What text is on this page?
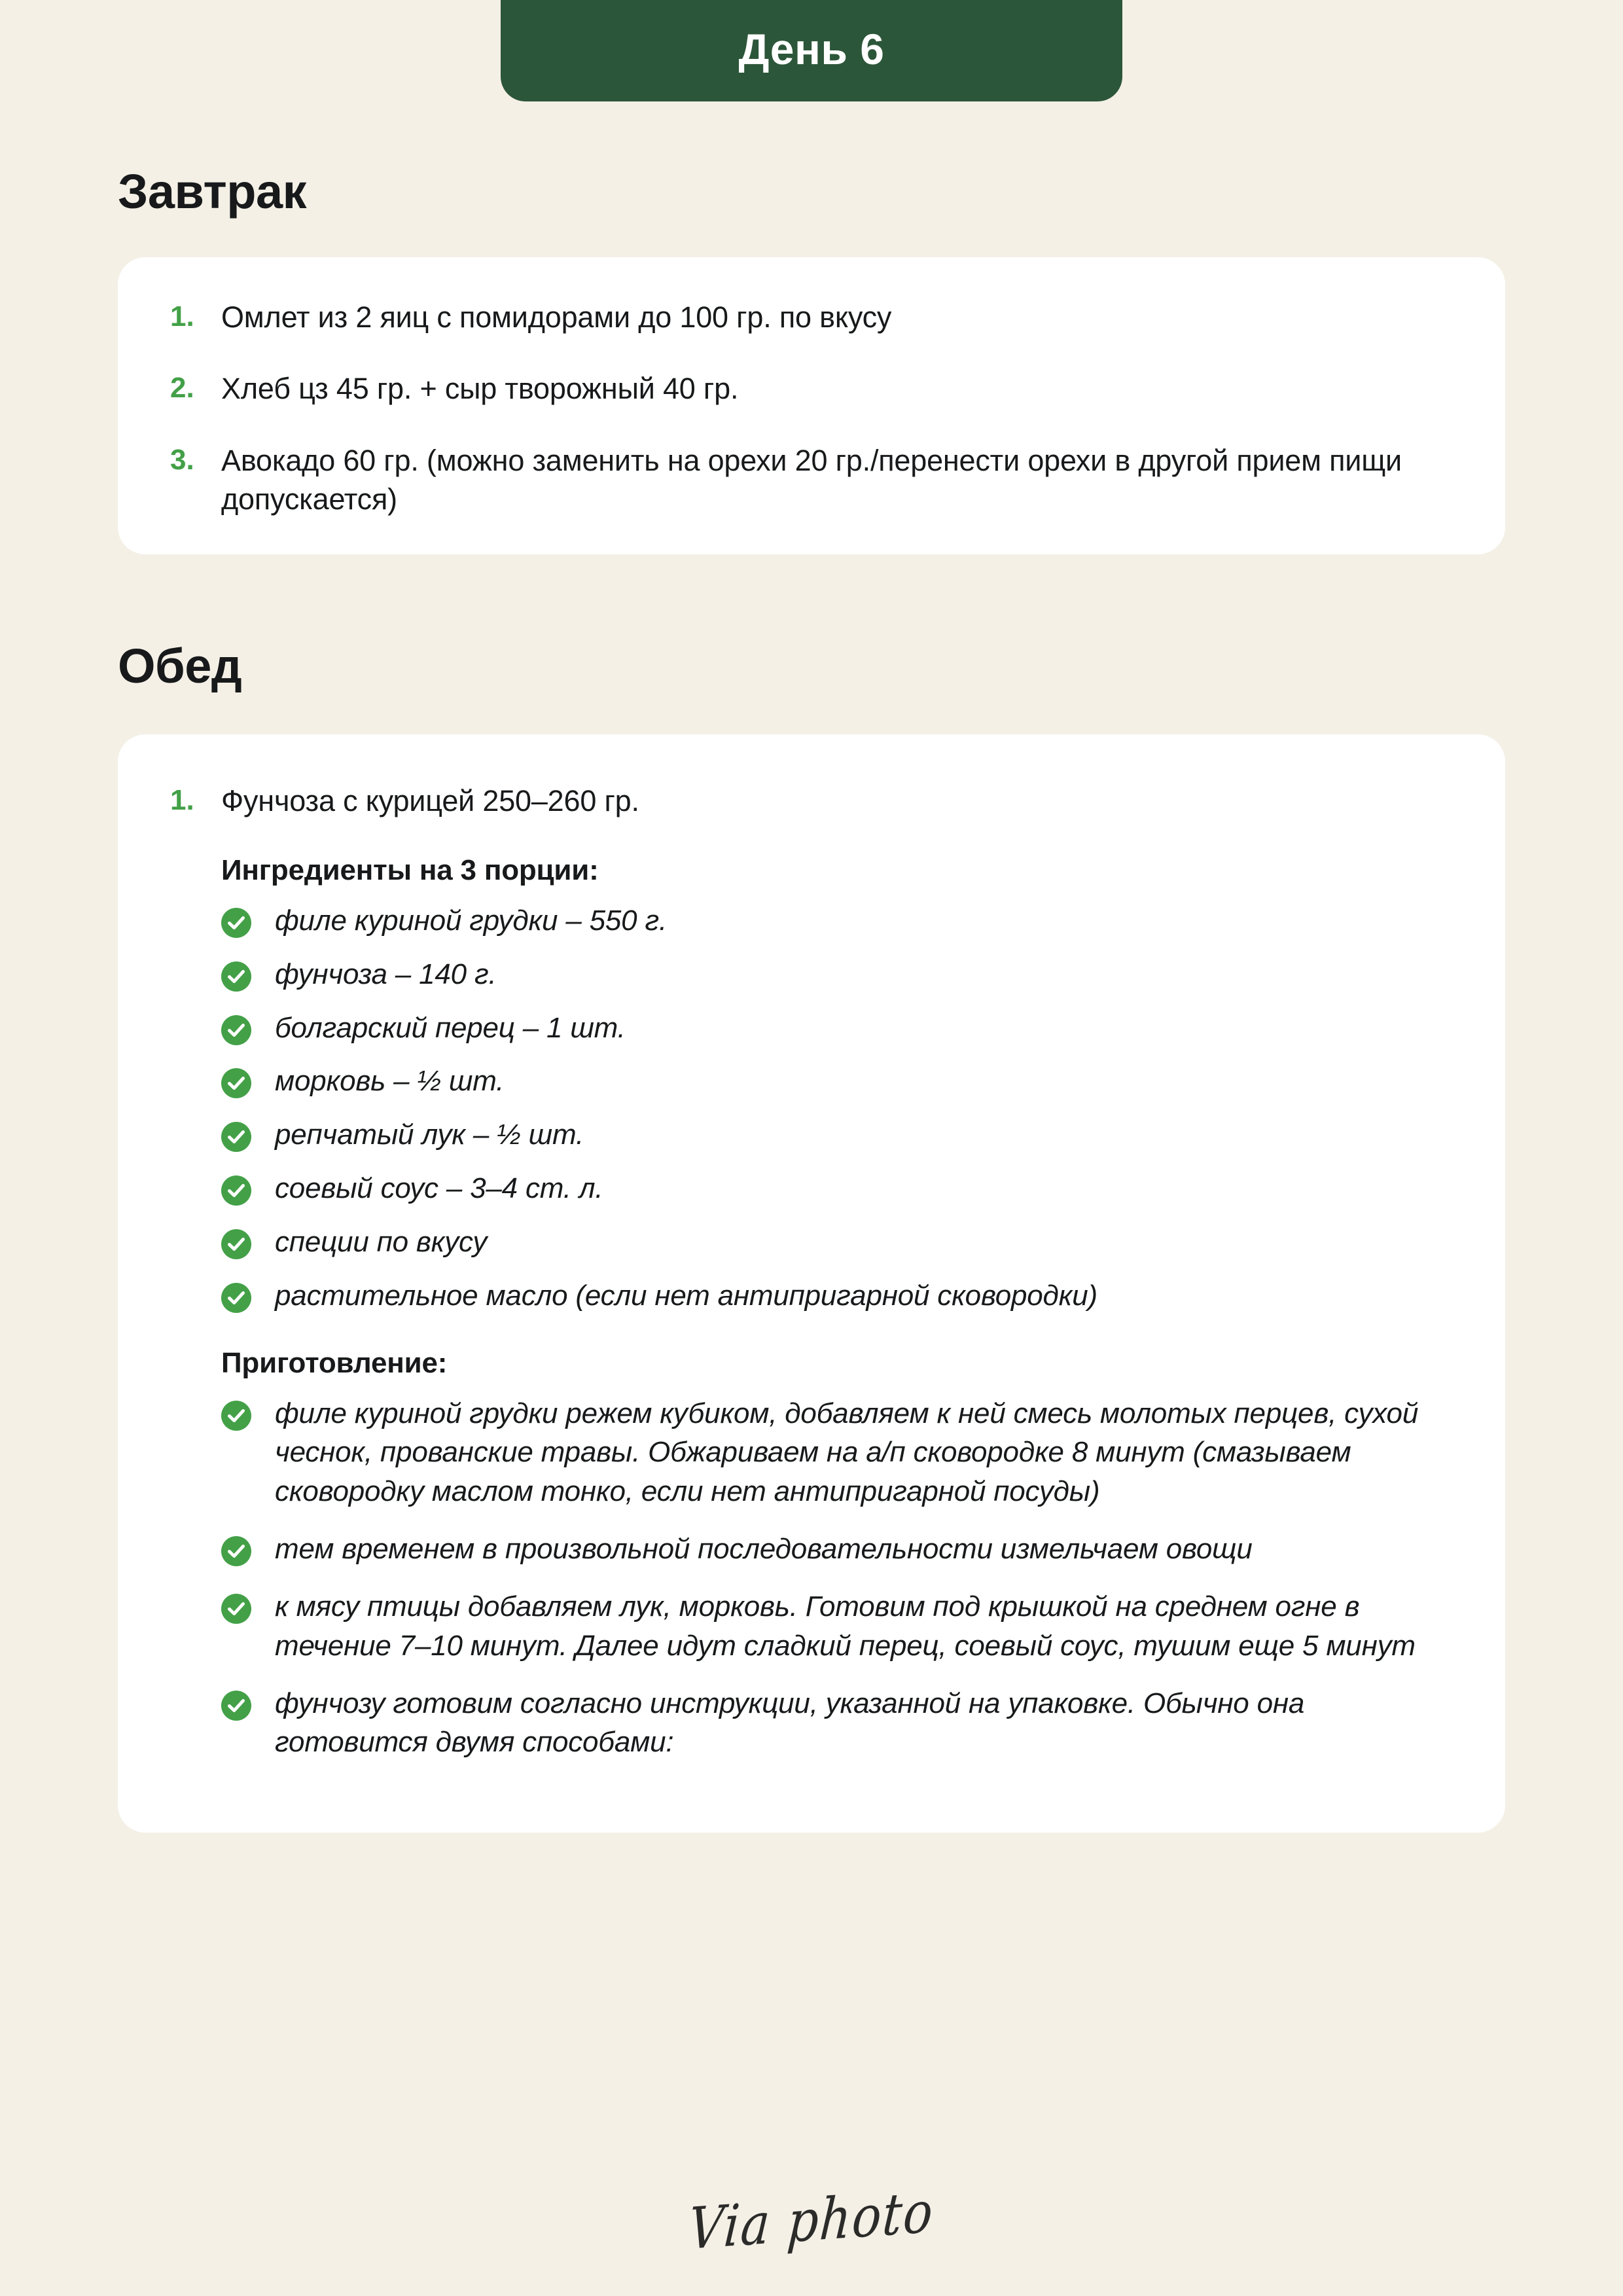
День 6
Завтрак
1. Омлет из 2 яиц с помидорами до 100 гр. по вкусу
2. Хлеб цз 45 гр. + сыр творожный 40 гр.
3. Авокадо 60 гр. (можно заменить на орехи 20 гр./перенести орехи в другой прием пищи допускается)
Обед
1. Фунчоза с курицей 250–260 гр.
Ингредиенты на 3 порции:
филе куриной грудки – 550 г.
фунчоза – 140 г.
болгарский перец – 1 шт.
морковь – ½ шт.
репчатый лук – ½ шт.
соевый соус – 3–4 ст. л.
специи по вкусу
растительное масло (если нет антипригарной сковородки)
Приготовление:
филе куриной грудки режем кубиком, добавляем к ней смесь молотых перцев, сухой чеснок, прованские травы. Обжариваем на а/п сковородке 8 минут (смазываем сковородку маслом тонко, если нет антипригарной посуды)
тем временем в произвольной последовательности измельчаем овощи
к мясу птицы добавляем лук, морковь. Готовим под крышкой на среднем огне в течение 7–10 минут. Далее идут сладкий перец, соевый соус, тушим еще 5 минут
фунчозу готовим согласно инструкции, указанной на упаковке. Обычно она готовится двумя способами:
Via photo
